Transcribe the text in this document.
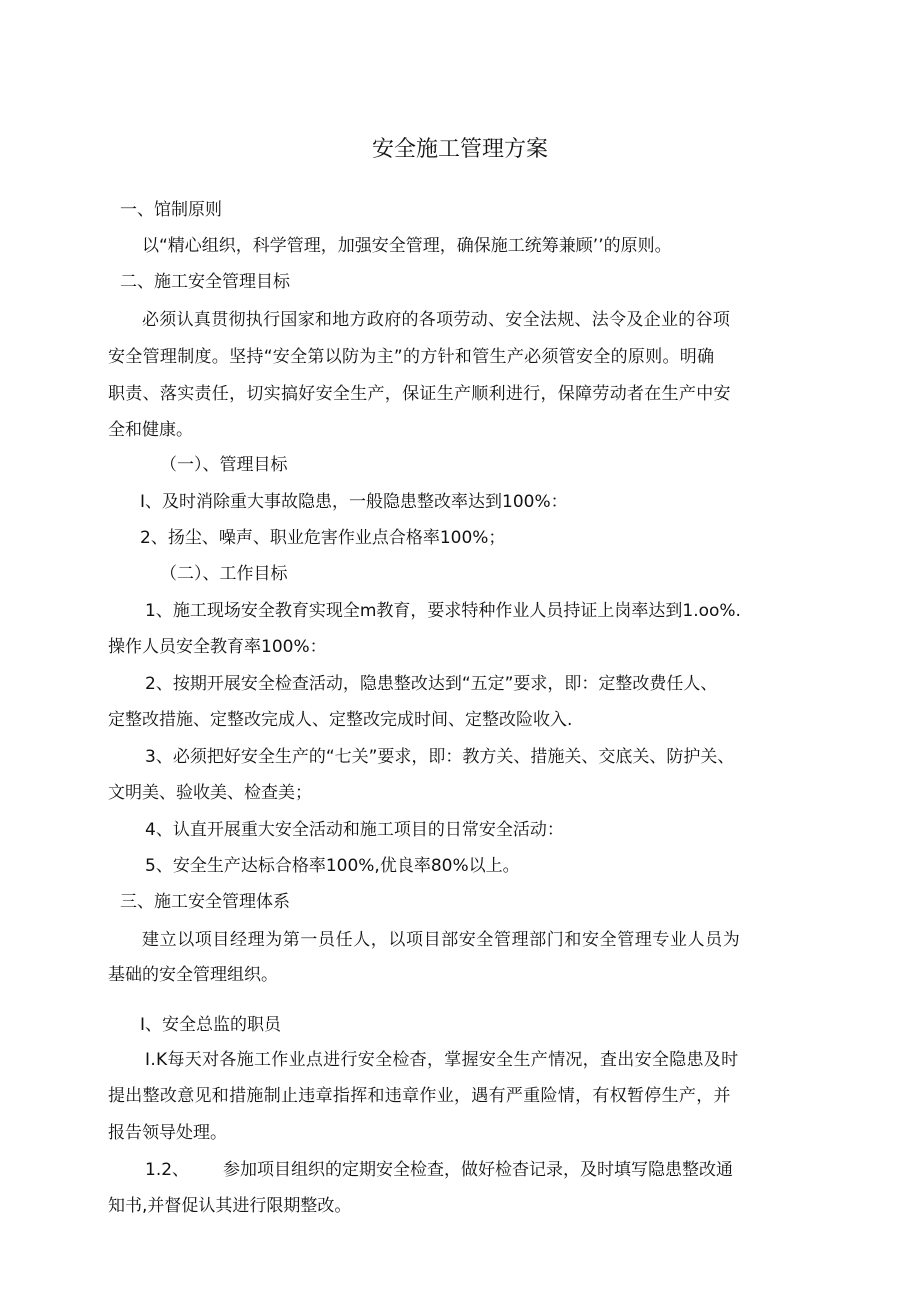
安全施工管理方案
一、馆制原则
以“精心组织，科学管理，加强安全管理，确保施工统筹兼顾’’的原则。
二、施工安全管理目标
必须认真贯彻执行国家和地方政府的各项劳动、安全法规、法令及企业的谷项
安全管理制度。坚持“安全第以防为主”的方针和管生产必须管安全的原则。明确
职责、落实责任，切实搞好安全生产，保证生产顺利进行，保障劳动者在生产中安
全和健康。
（一）、管理目标
I、及时消除重大事故隐患，一般隐患整改率达到100%：
2、扬尘、噪声、职业危害作业点合格率100%；
（二）、工作目标
1、施工现场安全教育实现全m教育，要求特种作业人员持证上岗率达到1.oo%.
操作人员安全教育率100%：
2、按期开展安全检查活动，隐患整改达到“五定”要求，即：定整改费任人、
定整改措施、定整改完成人、定整改完成时间、定整改险收入.
3、必须把好安全生产的“七关”要求，即：教方关、措施关、交底关、防护关、
文明美、验收美、检查美；
4、认直开展重大安全活动和施工项目的日常安全活动：
5、安全生产达标合格率100%,优良率80%以上。
三、施工安全管理体系
建立以项目经理为第一员任人，以项目部安全管理部门和安全管理专业人员为
基础的安全管理组织。
I、安全总监的职员
I.K每天对各施工作业点进行安全检杳，掌握安全生产情况，査出安全隐患及时
提出整改意见和措施制止违章指挥和违章作业，遇有严重险情，有权暂停生产，并
报告领导处理。
1.2、 参加项目组织的定期安全检查，做好检杳记录，及时填写隐患整改通
知书,并督促认其进行限期整改。
